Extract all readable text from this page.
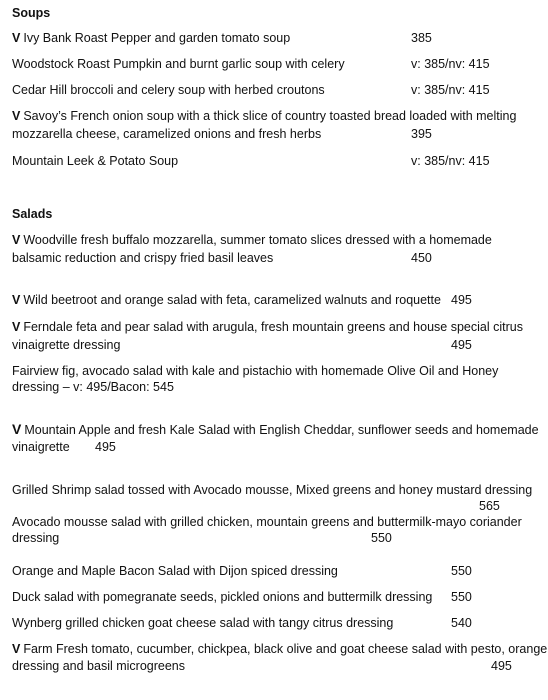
Soups
V Ivy Bank Roast Pepper and garden tomato soup	385
Woodstock Roast Pumpkin and burnt garlic soup with celery	v: 385/nv: 415
Cedar Hill broccoli and celery soup with herbed croutons	v: 385/nv: 415
V Savoy’s French onion soup with a thick slice of country toasted bread loaded with melting
mozzarella cheese, caramelized onions and fresh herbs	395
Mountain Leek & Potato Soup	v: 385/nv: 415
Salads
V Woodville fresh buffalo mozzarella, summer tomato slices dressed with a homemade
balsamic reduction and crispy fried basil leaves	450
V Wild beetroot and orange salad with feta, caramelized walnuts and roquette 495
V Ferndale feta and pear salad with arugula, fresh mountain greens and house special citrus
vinaigrette dressing	495
Fairview fig, avocado salad with kale and pistachio with homemade Olive Oil and Honey
dressing – v: 495/Bacon: 545
V Mountain Apple and fresh Kale Salad with English Cheddar, sunflower seeds and homemade
vinaigrette 495
Grilled Shrimp salad tossed with Avocado mousse, Mixed greens and honey mustard dressing
565
Avocado mousse salad with grilled chicken, mountain greens and buttermilk-mayo coriander
dressing	550
Orange and Maple Bacon Salad with Dijon spiced dressing	550
Duck salad with pomegranate seeds, pickled onions and buttermilk dressing 550
Wynberg grilled chicken goat cheese salad with tangy citrus dressing	540
V Farm Fresh tomato, cucumber, chickpea, black olive and goat cheese salad with pesto, orange
dressing and basil microgreens	495
